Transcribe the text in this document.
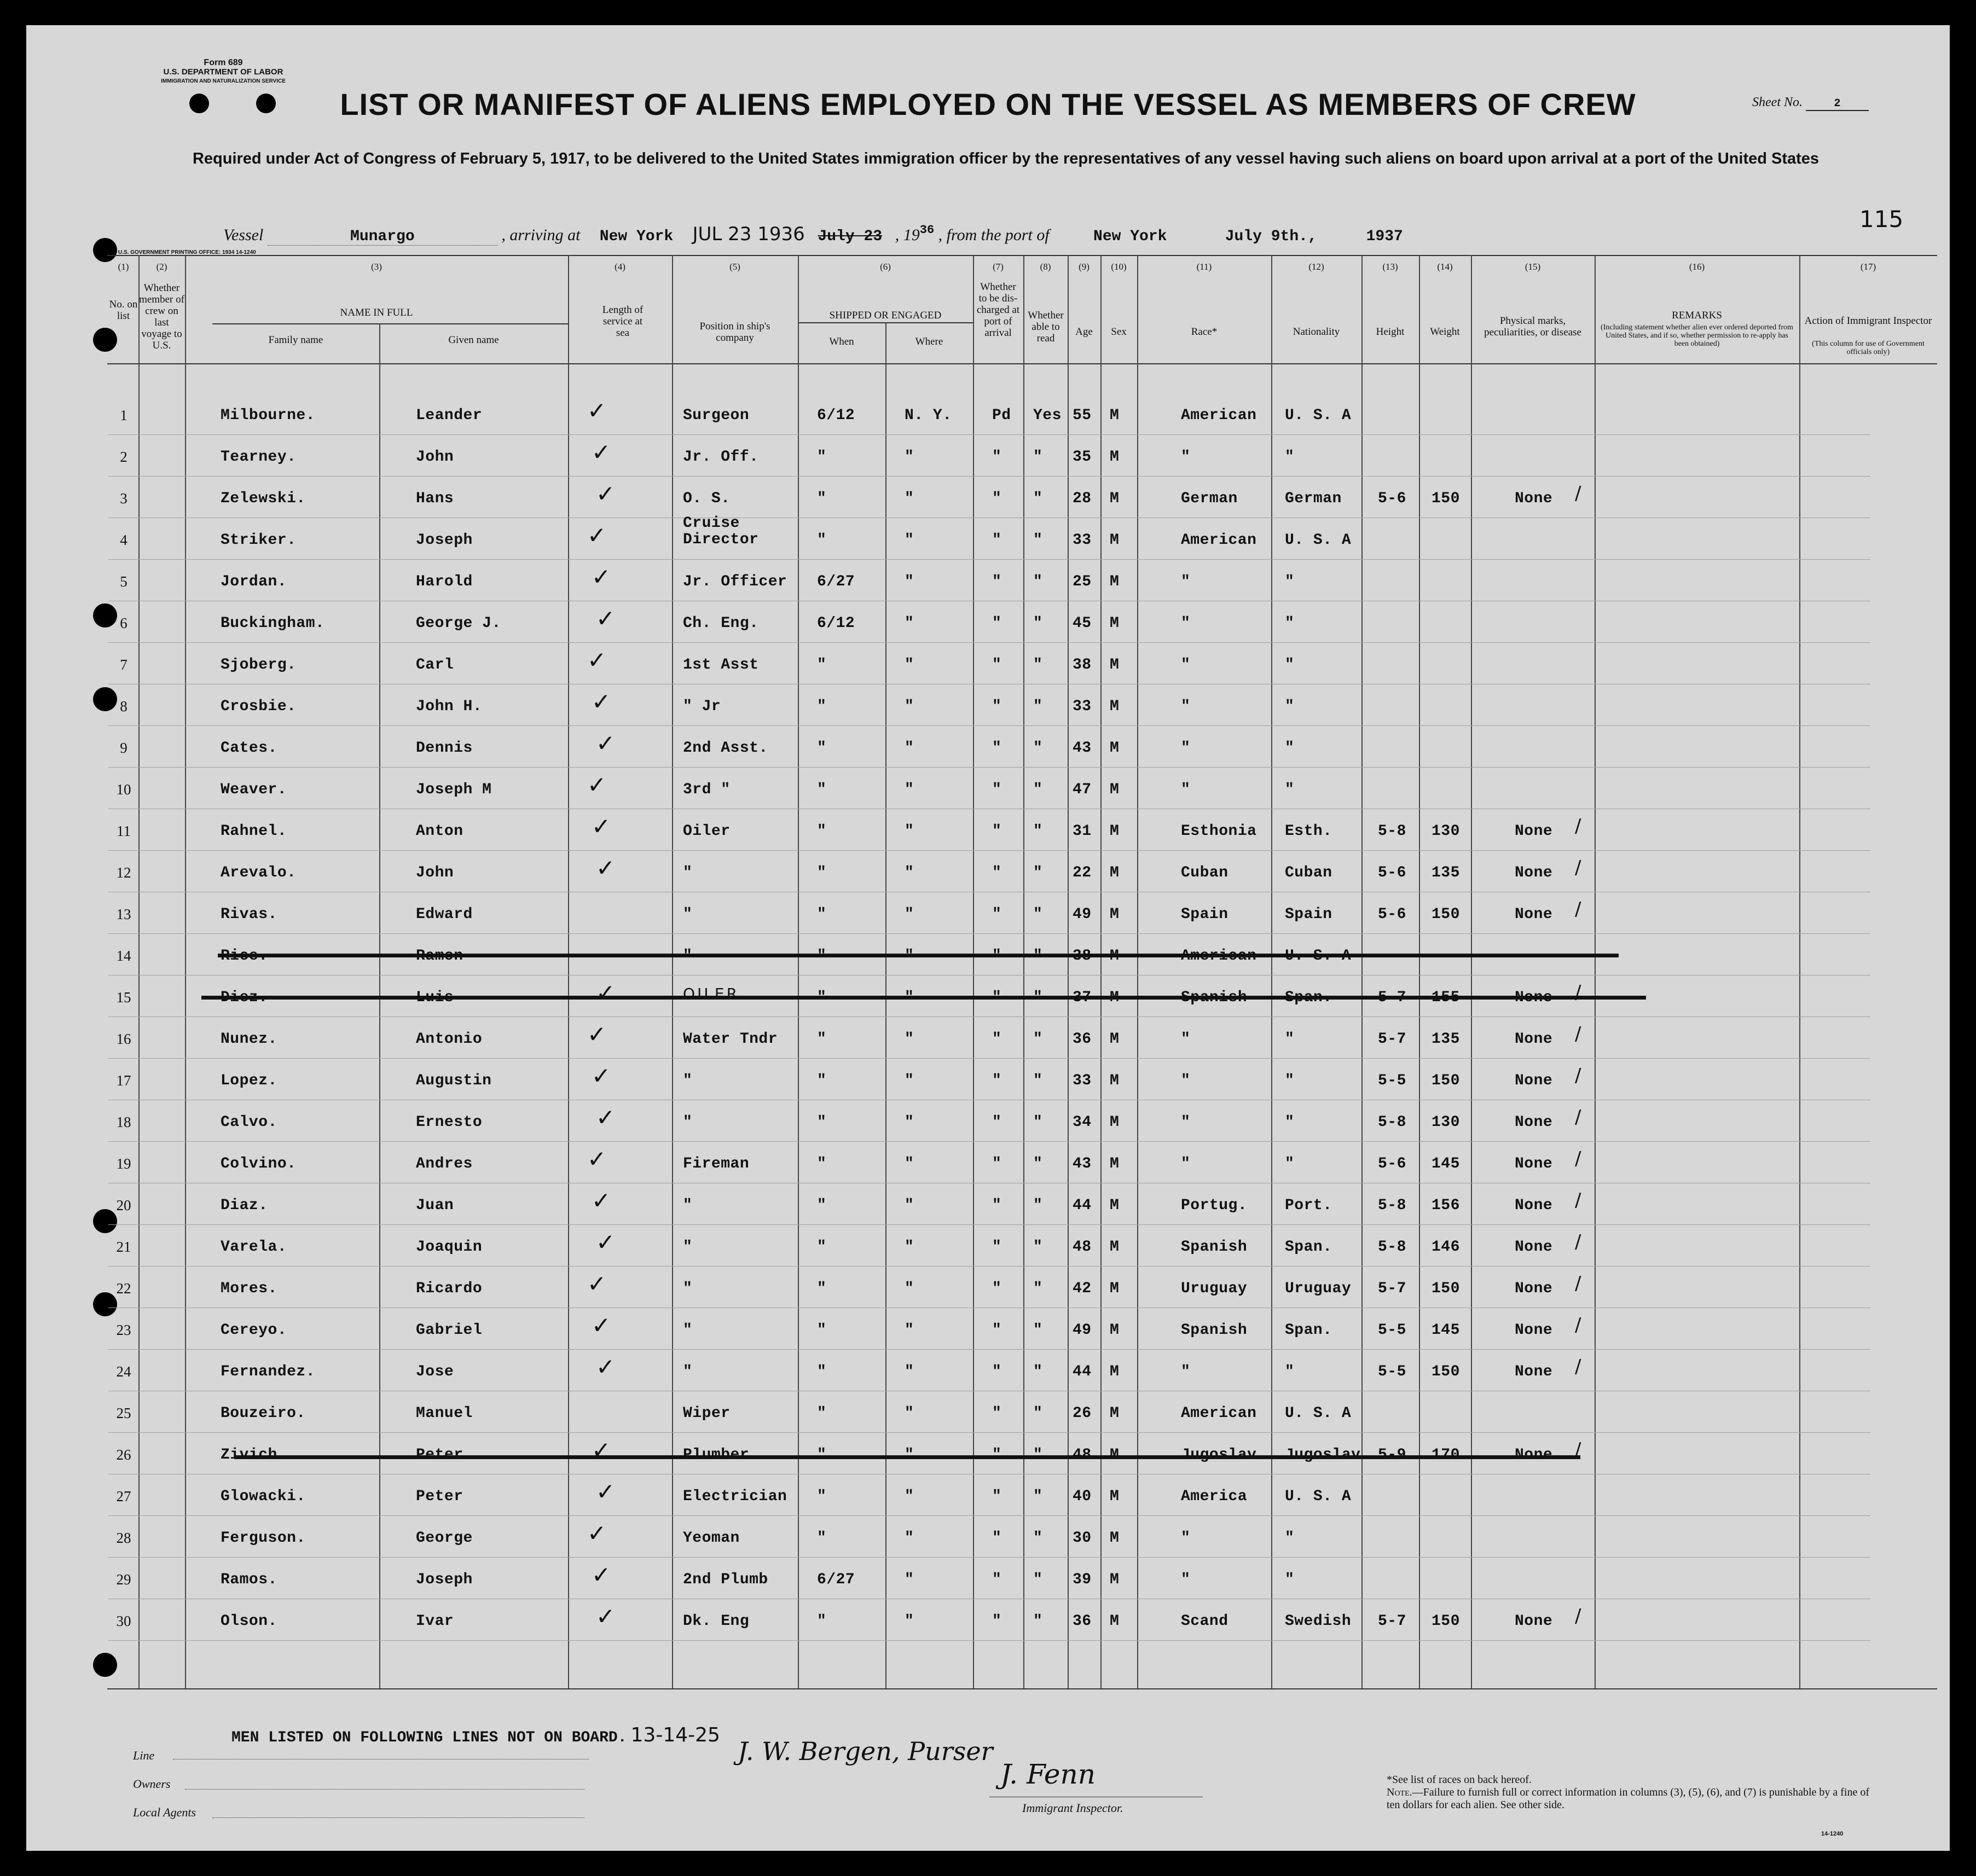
Form 689
U.S. DEPARTMENT OF LABOR
IMMIGRATION AND NATURALIZATION SERVICE
Sheet No.	2
LIST OR MANIFEST OF ALIENS EMPLOYED ON THE VESSEL AS MEMBERS OF CREW
Required under Act of Congress of February 5, 1917, to be delivered to the United States immigration officer by the representatives of any vessel having such aliens on board upon arrival at a port of the United States
Vessel	Munargo	, arriving at New York JUL 23 1936 July 23 , $19^{36}$ , from the port of	New York	July 9th.,	1937
115
U.S. GOVERNMENT PRINTING OFFICE: 1934 14-1240
(1)	(2)	(3)	(4)	(5)	(6)	(7)	(8)	(9)	(10)	(11)	(12)	(13)	(14)	(15)	(16)	(17)
No. on list
Whether member of crew on last voyage to U.S.
NAME IN FULL
Family name	Given name
Length of service at sea
Position in ship's company
SHIPPED OR ENGAGED
When	Where
Whether to be dis- charged at port of arrival
Whether able to read
Age	Sex	Race*	Nationality	Height	Weight
Physical marks, peculiarities, or disease
REMARKS
(Including statement whether alien ever ordered deported from United States, and if so, whether permission to re-apply has been obtained)
Action of Immigrant Inspector
(This column for use of Government officials only)
1	✓
Milbourne.	Leander	6/12	N. Y.	Pd Yes 55 M	American U. S. A
Surgeon
2	✓
Tearney.	John	"	"	" " 35 M	"	"
Jr. Off.
3	✓
Zelewski.	Hans	"	"	" " 28 M	German	German 5-6 150	None
O. S.	/
4	✓
Striker.	Joseph	"	"	" " 33 M	American U. S. A
Cruise Director
5	✓
Jordan.	Harold	6/27	"	" " 25 M	"	"
Jr. Officer
6	✓
Buckingham.	George J.	6/12	"	" " 45 M	"	"
Ch. Eng.
7	✓
Sjoberg.	Carl	"	"	" " 38 M	"	"
1st Asst
8	✓
Crosbie.	John H.	"	"	" " 33 M	"	"
" Jr
9	✓
Cates.	Dennis	"	"	" " 43 M	"	"
2nd Asst.
10	✓
Weaver.	Joseph M	"	"	" " 47 M	"	"
3rd "
11	✓
Rahnel.	Anton	"	"	" " 31 M	Esthonia Esth.	5-8 130	None
Oiler	/
12	✓
Arevalo.	John	"	"	" " 22 M	Cuban	Cuban	5-6 135	None
"	/
13	Rivas.	Edward	"	"	" " 49 M	Spain	Spain	5-6 150	None
"	/
14	Rice.	Ramon	"	"	" " 38 M	American U. S. A
"
15	✓
Diez.	Luis	"	"	" " 37 M	Spanish Span.	5-7 155	None
OILER	/
16	✓
Nunez.	Antonio	"	"	" " 36 M	"	"	5-7 135	None
Water Tndr	/
17	✓
Lopez.	Augustin	"	"	" " 33 M	"	"	5-5 150	None
"	/
18	✓
Calvo.	Ernesto	"	"	" " 34 M	"	"	5-8 130	None
"	/
19	✓
Colvino.	Andres	"	"	" " 43 M	"	"	5-6 145	None
Fireman	/
20	✓
Diaz.	Juan	"	"	" " 44 M	Portug. Port.	5-8 156	None
"	/
21	✓
Varela.	Joaquin	"	"	" " 48 M	Spanish Span.	5-8 146	None
"	/
22	✓
Mores.	Ricardo	"	"	" " 42 M	Uruguay Uruguay 5-7 150	None
"	/
23	✓
Cereyo.	Gabriel	"	"	" " 49 M	Spanish Span.	5-5 145	None
"	/
24	✓
Fernandez.	Jose	"	"	" " 44 M	"	"	5-5 150	None
"	/
25	Bouzeiro.	Manuel	"	"	" " 26 M	American U. S. A
Wiper
26	✓
Zivich.	Peter	"	"	" " 48 M	Jugoslav Jugoslav 5-9 170	None
Plumber	/
27	✓
Glowacki.	Peter	"	"	" " 40 M	America U. S. A
Electrician
28	✓
Ferguson.	George	"	"	" " 30 M	"	"
Yeoman
29	✓
Ramos.	Joseph	6/27	"	" " 39 M	"	"
2nd Plumb
30	✓
Olson.	Ivar	"	"	" " 36 M	Scand	Swedish 5-7 150	None
Dk. Eng	/
MEN LISTED ON FOLLOWING LINES NOT ON BOARD. 13-14-25
Line
Owners
Local Agents
J. W. Bergen, Purser
J. Fenn
Immigrant Inspector.
*See list of races on back hereof.
Note.—Failure to furnish full or correct information in columns (3), (5), (6), and (7) is punishable by a fine of ten dollars for each alien. See other side.
14-1240
